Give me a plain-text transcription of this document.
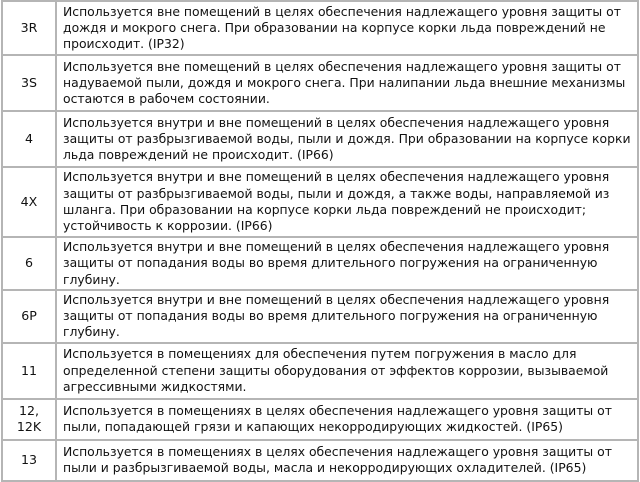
3R	Используется вне помещений в целях обеспечения надлежащего уровня защиты от дождя и мокрого снега. При образовании на корпусе корки льда повреждений не происходит. (IP32)
3S	Используется вне помещений в целях обеспечения надлежащего уровня защиты от надуваемой пыли, дождя и мокрого снега. При налипании льда внешние механизмы остаются в рабочем состоянии.
4	Используется внутри и вне помещений в целях обеспечения надлежащего уровня защиты от разбрызгиваемой воды, пыли и дождя. При образовании на корпусе корки льда повреждений не происходит. (IP66)
4X	Используется внутри и вне помещений в целях обеспечения надлежащего уровня защиты от разбрызгиваемой воды, пыли и дождя, а также воды, направляемой из шланга. При образовании на корпусе корки льда повреждений не происходит; устойчивость к коррозии. (IP66)
6	Используется внутри и вне помещений в целях обеспечения надлежащего уровня защиты от попадания воды во время длительного погружения на ограниченную глубину.
6P	Используется внутри и вне помещений в целях обеспечения надлежащего уровня защиты от попадания воды во время длительного погружения на ограниченную глубину.
11	Используется в помещениях для обеспечения путем погружения в масло для определенной степени защиты оборудования от эффектов коррозии, вызываемой агрессивными жидкостями.
12, 12K	Используется в помещениях в целях обеспечения надлежащего уровня защиты от пыли, попадающей грязи и капающих некорродирующих жидкостей. (IP65)
13	Используется в помещениях в целях обеспечения надлежащего уровня защиты от пыли и разбрызгиваемой воды, масла и некорродирующих охладителей. (IP65)
